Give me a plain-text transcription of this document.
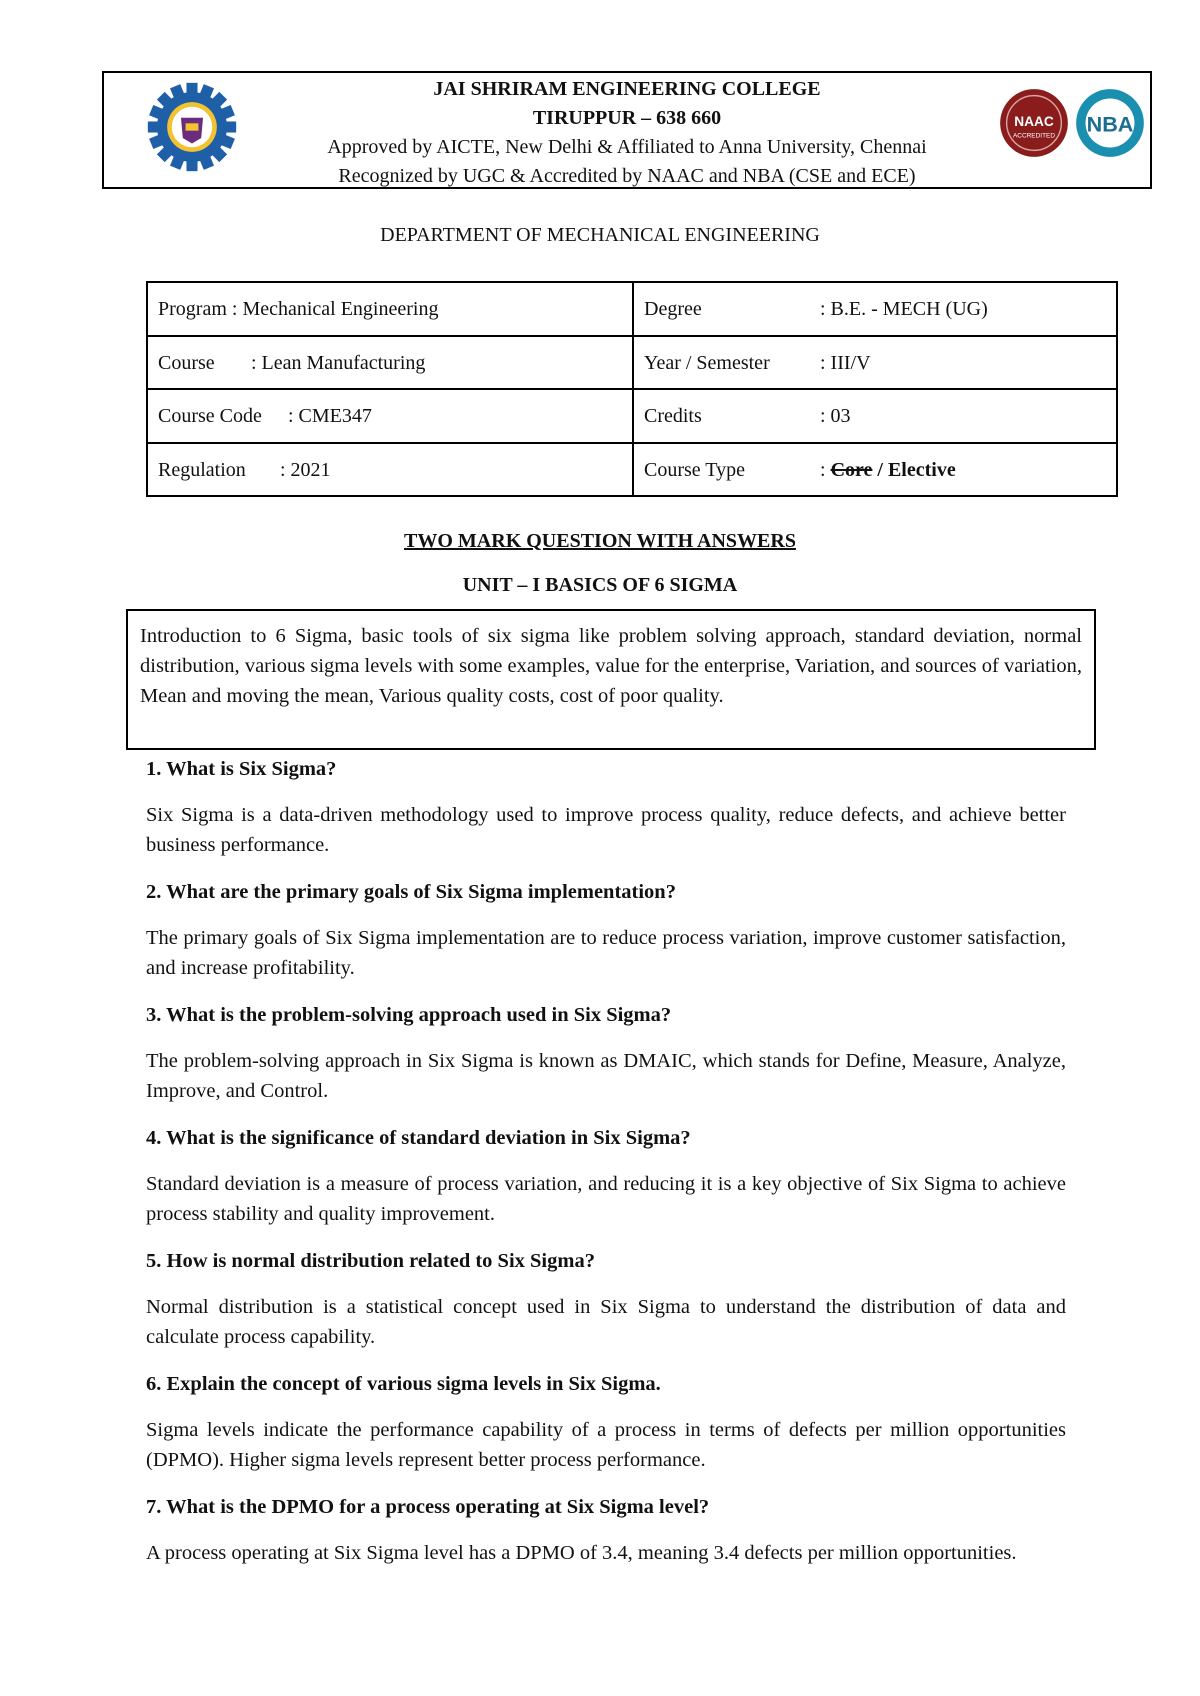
JAI SHRIRAM ENGINEERING COLLEGE
TIRUPPUR – 638 660
Approved by AICTE, New Delhi & Affiliated to Anna University, Chennai
Recognized by UGC & Accredited by NAAC and NBA (CSE and ECE)
NAAC
ACCREDITED NBA
DEPARTMENT OF MECHANICAL ENGINEERING
Program : Mechanical Engineering	Degree	: B.E. - MECH (UG)
Course : Lean Manufacturing	Year / Semester	: III/V
Course Code : CME347	Credits	: 03
Regulation : 2021	Course Type	: Core / Elective
TWO MARK QUESTION WITH ANSWERS
UNIT – I BASICS OF 6 SIGMA
Introduction to 6 Sigma, basic tools of six sigma like problem solving approach, standard deviation, normal distribution, various sigma levels with some examples, value for the enterprise, Variation, and sources of variation, Mean and moving the mean, Various quality costs, cost of poor quality.
1. What is Six Sigma?
Six Sigma is a data-driven methodology used to improve process quality, reduce defects, and achieve better business performance.
2. What are the primary goals of Six Sigma implementation?
The primary goals of Six Sigma implementation are to reduce process variation, improve customer satisfaction, and increase profitability.
3. What is the problem-solving approach used in Six Sigma?
The problem-solving approach in Six Sigma is known as DMAIC, which stands for Define, Measure, Analyze, Improve, and Control.
4. What is the significance of standard deviation in Six Sigma?
Standard deviation is a measure of process variation, and reducing it is a key objective of Six Sigma to achieve process stability and quality improvement.
5. How is normal distribution related to Six Sigma?
Normal distribution is a statistical concept used in Six Sigma to understand the distribution of data and calculate process capability.
6. Explain the concept of various sigma levels in Six Sigma.
Sigma levels indicate the performance capability of a process in terms of defects per million opportunities (DPMO). Higher sigma levels represent better process performance.
7. What is the DPMO for a process operating at Six Sigma level?
A process operating at Six Sigma level has a DPMO of 3.4, meaning 3.4 defects per million opportunities.
